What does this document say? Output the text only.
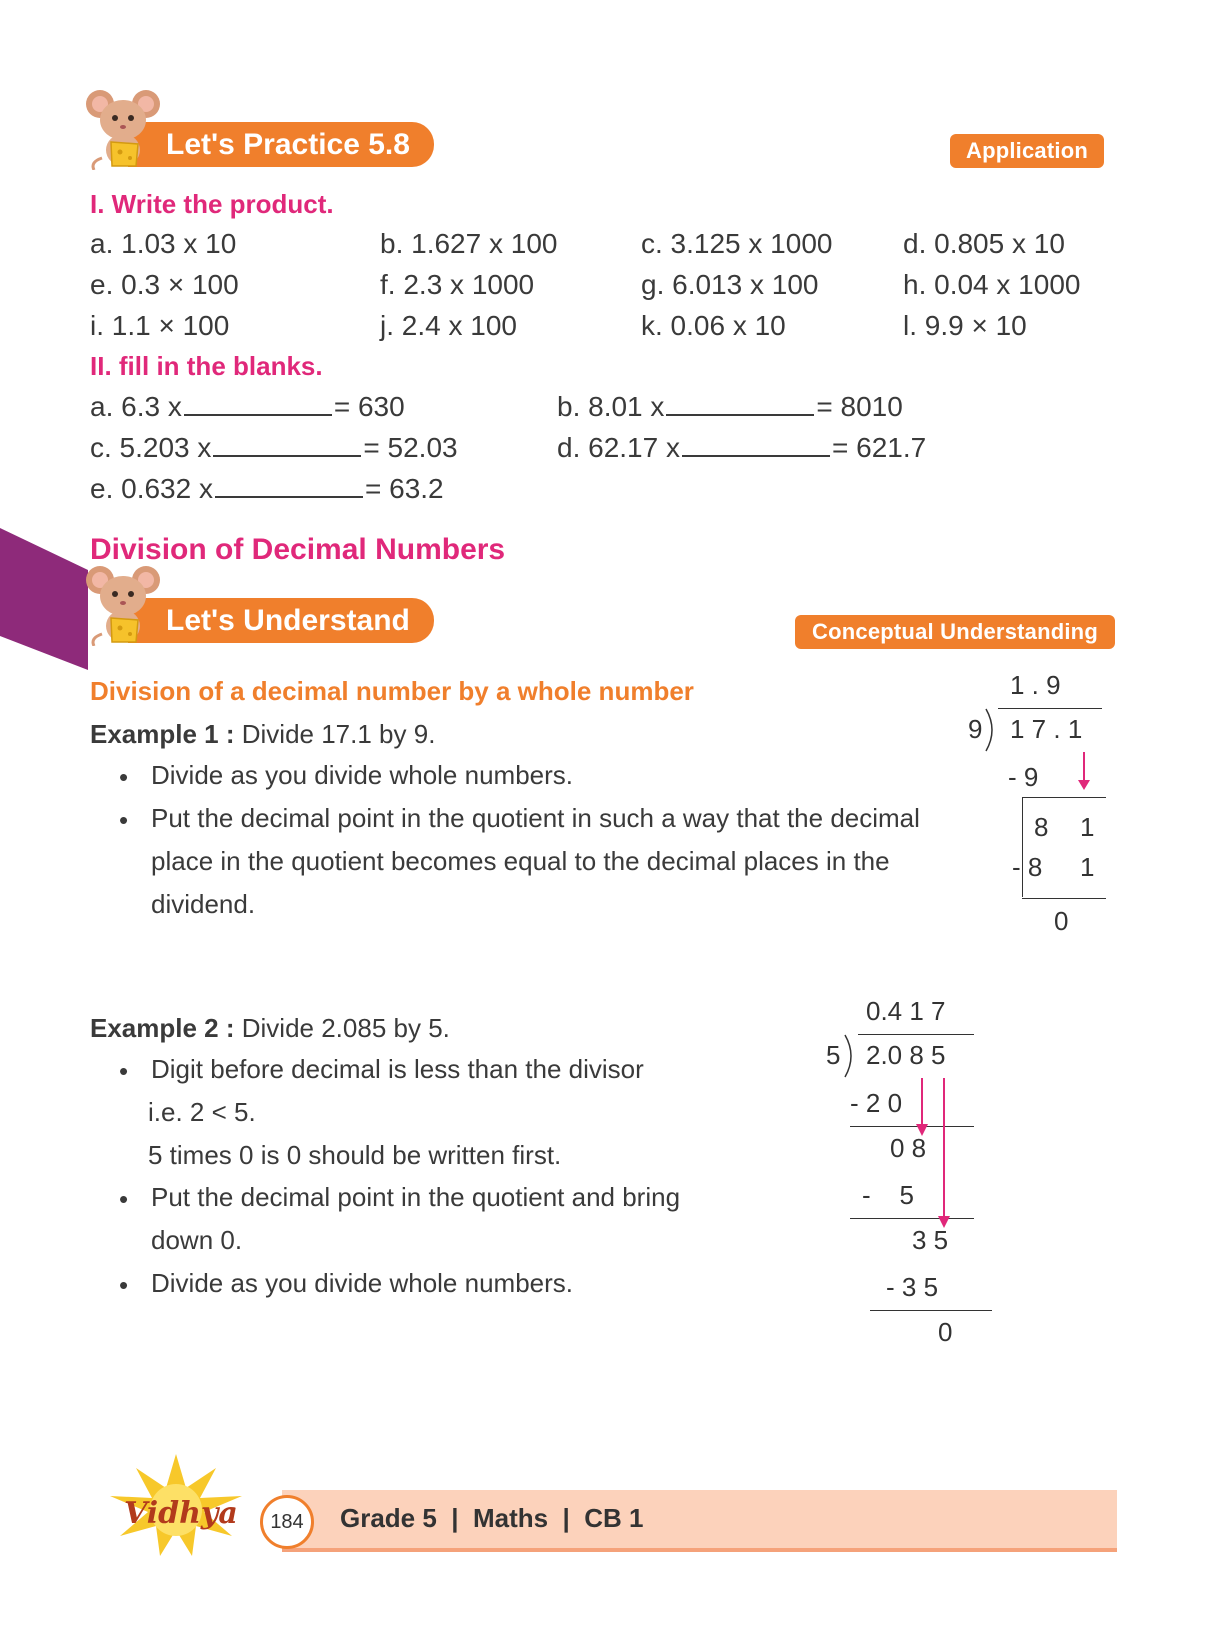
Let's Practice 5.8	Application
I. Write the product.
a. 1.03 x 10	b. 1.627 x 100	c. 3.125 x 1000	d. 0.805 x 10
e. 0.3 × 100	f. 2.3 x 1000	g. 6.013 x 100	h. 0.04 x 1000
i. 1.1 × 100	j. 2.4 x 100	k. 0.06 x 10	l. 9.9 × 10
II. fill in the blanks.
a. 6.3 x	= 630	b. 8.01 x	= 8010
c. 5.203 x	= 52.03	d. 62.17 x	= 621.7
e. 0.632 x	= 63.2
Division of Decimal Numbers
Let's Understand	Conceptual Understanding
Division of a decimal number by a whole number
Example 1 : Divide 17.1 by 9.
• Divide as you divide whole numbers.
• Put the decimal point in the quotient in such a way that the decimal place in the quotient becomes equal to the decimal places in the dividend.
1 . 9
9 1 7 . 1
- 9
8 1
- 8 1
0
Example 2 : Divide 2.085 by 5.
• Digit before decimal is less than the divisor
i.e. 2 < 5.
5 times 0 is 0 should be written first.
• Put the decimal point in the quotient and bring
down 0.
• Divide as you divide whole numbers.
0.4 1 7
5 2.0 8 5
- 2 0
0 8
-    5
3 5
- 3 5
0
Vidhya 184 Grade 5  |  Maths  |  CB 1
